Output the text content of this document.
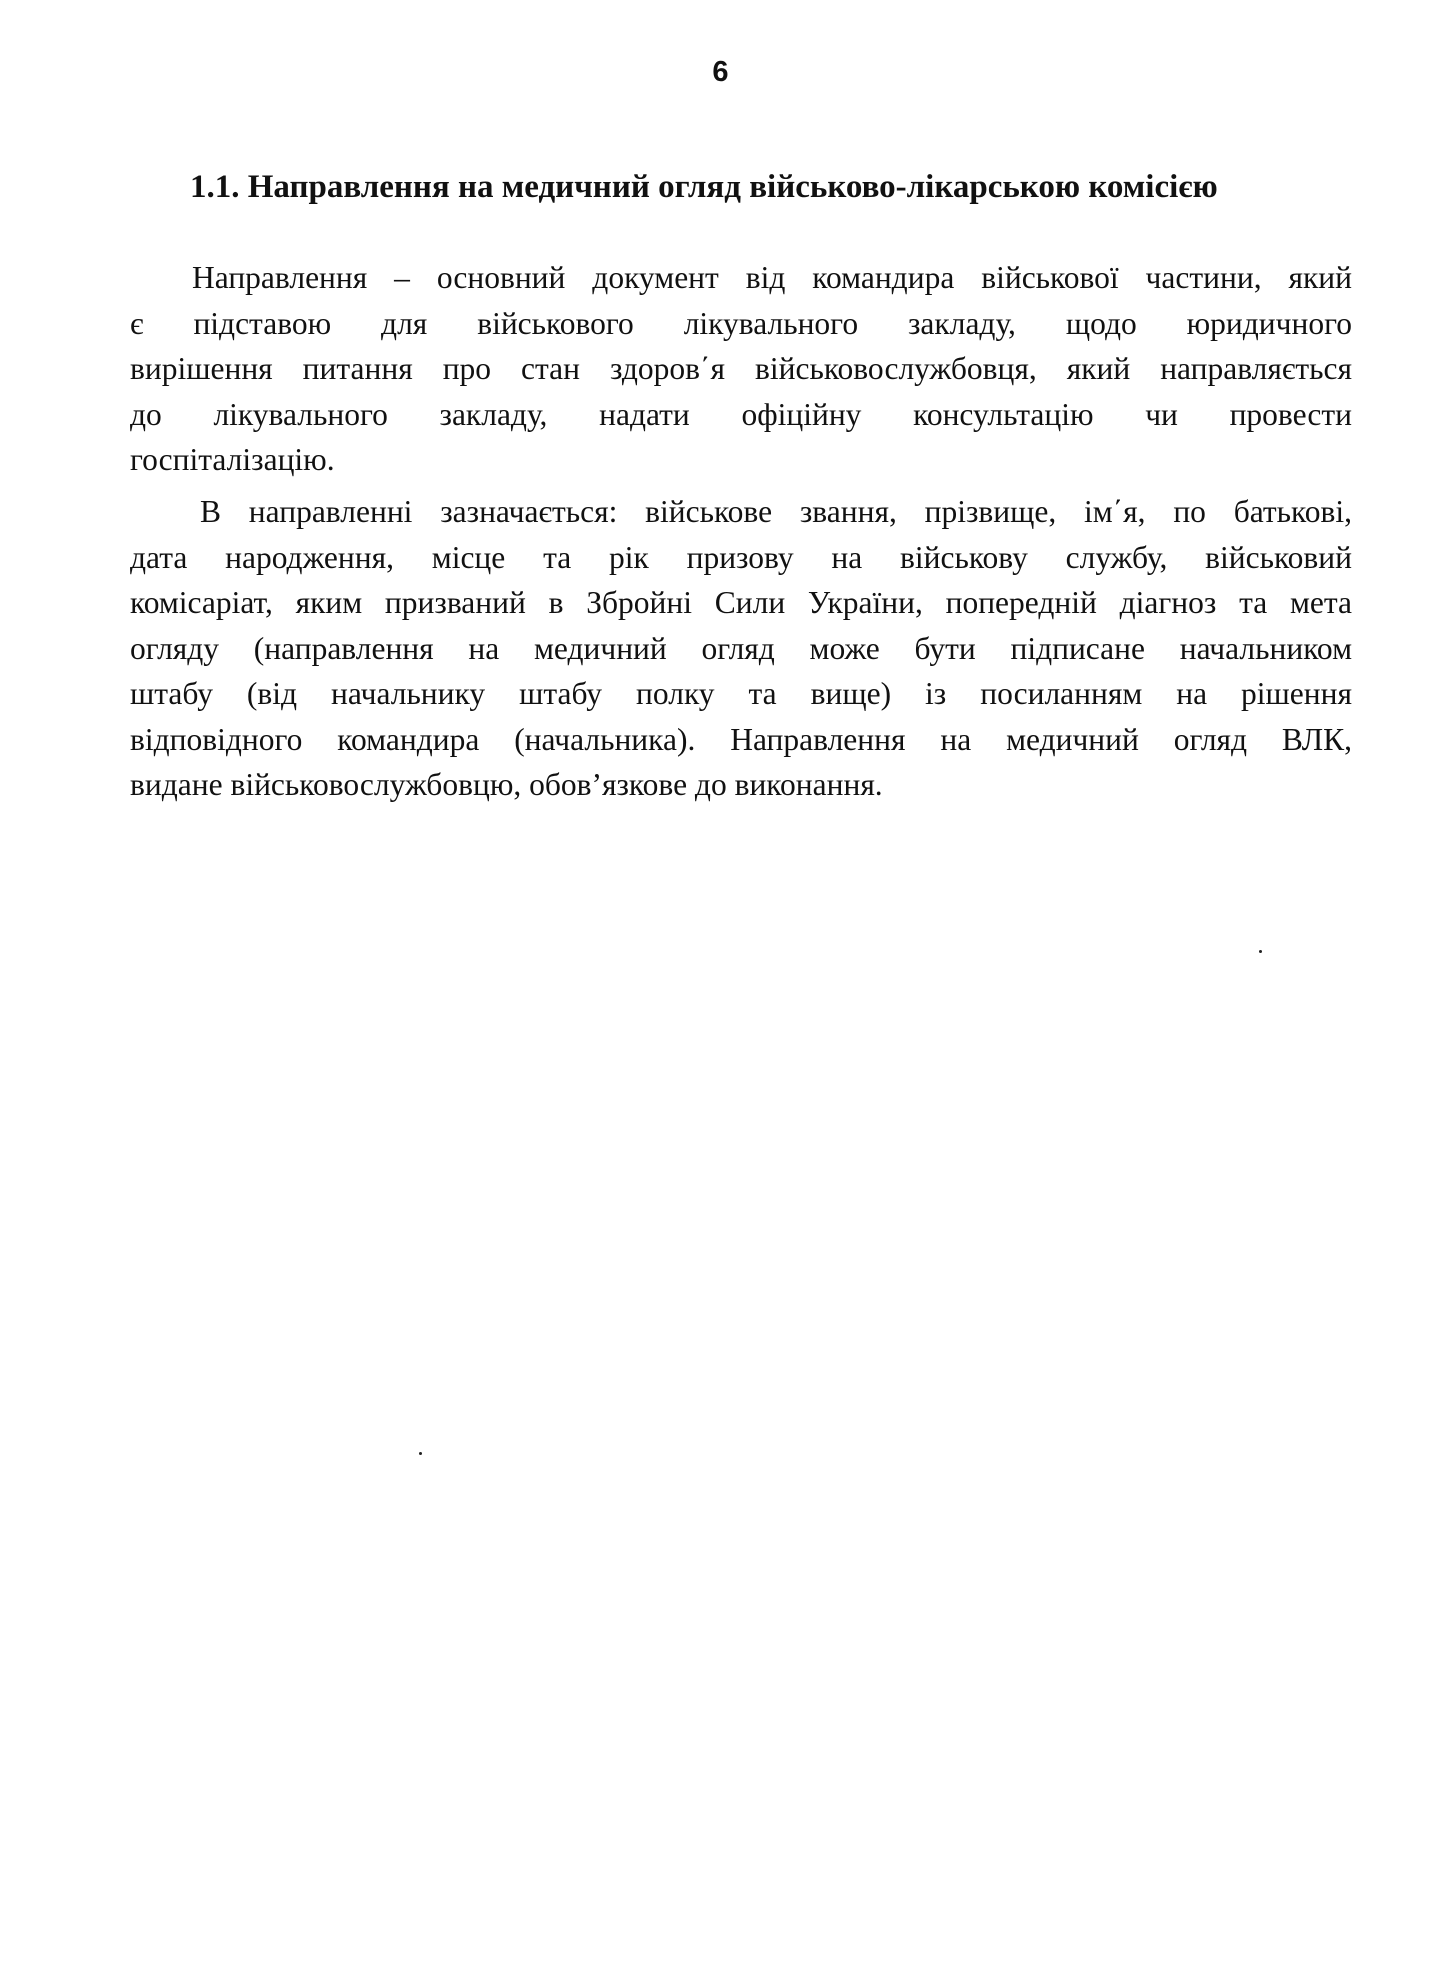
6
1.1. Направлення на медичний огляд військово-лікарською комісією
Направлення – основний документ від командира військової частини, який
є підставою для військового лікувального закладу, щодо юридичного
вирішення питання про стан здоров΄я військовослужбовця, який направляється
до лікувального закладу, надати офіційну консультацію чи провести
госпіталізацію.
В направленні зазначається: військове звання, прізвище, ім΄я, по батькові,
дата народження, місце та рік призову на військову службу, військовий
комісаріат, яким призваний в Збройні Сили України, попередній діагноз та мета
огляду (направлення на медичний огляд може бути підписане начальником
штабу (від начальнику штабу полку та вище) із посиланням на рішення
відповідного командира (начальника). Направлення на медичний огляд ВЛК,
видане військовослужбовцю, обов’язкове до виконання.
